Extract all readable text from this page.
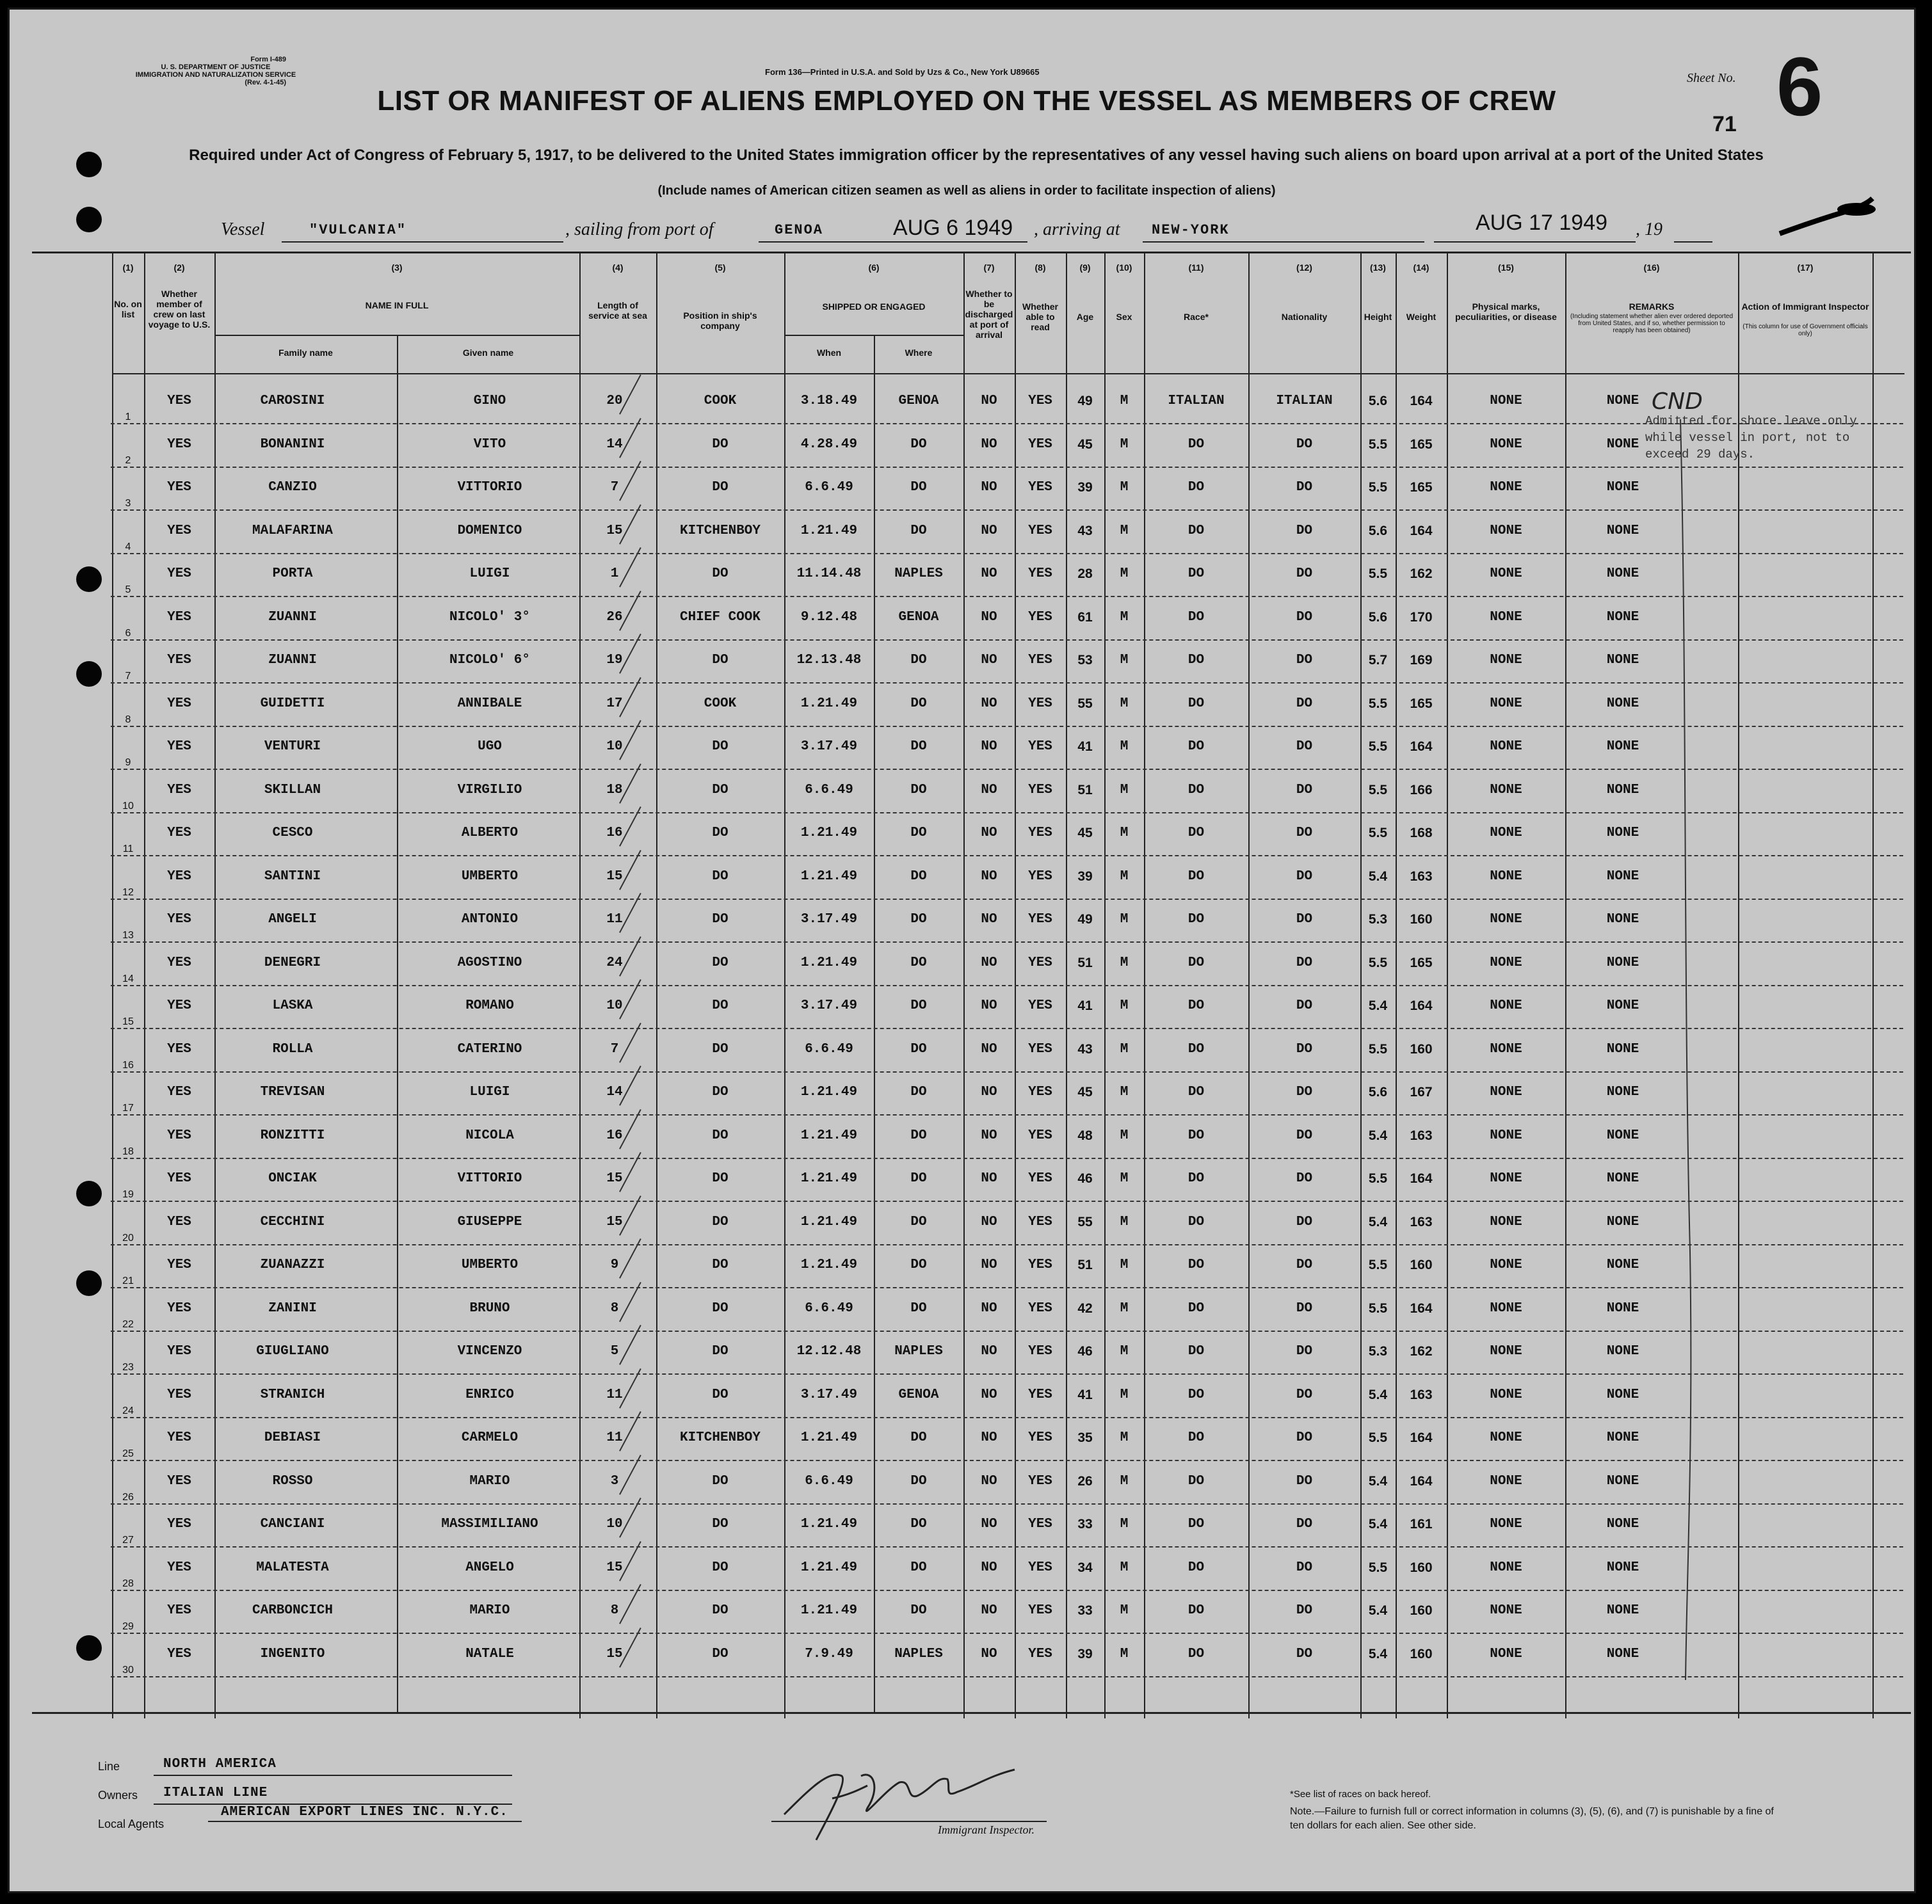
Form I-489
U. S. DEPARTMENT OF JUSTICE
IMMIGRATION AND NATURALIZATION SERVICE
(Rev. 4-1-45)
Form 136—Printed in U.S.A. and Sold by Uzs & Co., New York U89665
LIST OR MANIFEST OF ALIENS EMPLOYED ON THE VESSEL AS MEMBERS OF CREW
Required under Act of Congress of February 5, 1917, to be delivered to the United States immigration officer by the representatives of any vessel having such aliens on board upon arrival at a port of the United States
(Include names of American citizen seamen as well as aliens in order to facilitate inspection of aliens)
Sheet No. 6
71
Vessel	"VULCANIA"	, sailing from port of	GENOA	AUG 6 1949 , arriving at NEW-YORK	AUG 17 1949 , 19
(1)	(2)	(3)	(4)	(5)	(6)	(7)	(8)	(9)	(10)	(11)	(12)	(13)	(14)	(15)	(16)	(17)
No. on list
Whether member of crew on last voyage to U.S.
NAME IN FULL
Family name	Given name
Length of service at sea	Position in ship's company
SHIPPED OR ENGAGED
When	Where
Whether to be discharged at port of arrival
Whether able to read
Age	Sex	Race*	Nationality	Height	Weight
Physical marks, peculiarities, or disease
REMARKS
(Including statement whether alien ever ordered deported from United States, and if so, whether permission to reapply has been obtained)
Action of Immigrant Inspector
(This column for use of Government officials only)
1
YES	CAROSINI	GINO	20	COOK	3.18.49	GENOA	NO	YES	49	M	ITALIAN	ITALIAN	5.6	164	NONE	NONE
2
YES	BONANINI	VITO	14	DO	4.28.49	DO	NO	YES	45	M	DO	DO	5.5	165	NONE	NONE
3
YES	CANZIO	VITTORIO	7	DO	6.6.49	DO	NO	YES	39	M	DO	DO	5.5	165	NONE	NONE
4
YES	MALAFARINA	DOMENICO	15	KITCHENBOY	1.21.49	DO	NO	YES	43	M	DO	DO	5.6	164	NONE	NONE
5
YES	PORTA	LUIGI	1	DO	11.14.48	NAPLES	NO	YES	28	M	DO	DO	5.5	162	NONE	NONE
6
YES	ZUANNI	NICOLO' 3°	26	CHIEF COOK	9.12.48	GENOA	NO	YES	61	M	DO	DO	5.6	170	NONE	NONE
7
YES	ZUANNI	NICOLO' 6°	19	DO	12.13.48	DO	NO	YES	53	M	DO	DO	5.7	169	NONE	NONE
8
YES	GUIDETTI	ANNIBALE	17	COOK	1.21.49	DO	NO	YES	55	M	DO	DO	5.5	165	NONE	NONE
9
YES	VENTURI	UGO	10	DO	3.17.49	DO	NO	YES	41	M	DO	DO	5.5	164	NONE	NONE
10
YES	SKILLAN	VIRGILIO	18	DO	6.6.49	DO	NO	YES	51	M	DO	DO	5.5	166	NONE	NONE
11
YES	CESCO	ALBERTO	16	DO	1.21.49	DO	NO	YES	45	M	DO	DO	5.5	168	NONE	NONE
12
YES	SANTINI	UMBERTO	15	DO	1.21.49	DO	NO	YES	39	M	DO	DO	5.4	163	NONE	NONE
13
YES	ANGELI	ANTONIO	11	DO	3.17.49	DO	NO	YES	49	M	DO	DO	5.3	160	NONE	NONE
14
YES	DENEGRI	AGOSTINO	24	DO	1.21.49	DO	NO	YES	51	M	DO	DO	5.5	165	NONE	NONE
15
YES	LASKA	ROMANO	10	DO	3.17.49	DO	NO	YES	41	M	DO	DO	5.4	164	NONE	NONE
16
YES	ROLLA	CATERINO	7	DO	6.6.49	DO	NO	YES	43	M	DO	DO	5.5	160	NONE	NONE
17
YES	TREVISAN	LUIGI	14	DO	1.21.49	DO	NO	YES	45	M	DO	DO	5.6	167	NONE	NONE
18
YES	RONZITTI	NICOLA	16	DO	1.21.49	DO	NO	YES	48	M	DO	DO	5.4	163	NONE	NONE
19
YES	ONCIAK	VITTORIO	15	DO	1.21.49	DO	NO	YES	46	M	DO	DO	5.5	164	NONE	NONE
20
YES	CECCHINI	GIUSEPPE	15	DO	1.21.49	DO	NO	YES	55	M	DO	DO	5.4	163	NONE	NONE
21
YES	ZUANAZZI	UMBERTO	9	DO	1.21.49	DO	NO	YES	51	M	DO	DO	5.5	160	NONE	NONE
22
YES	ZANINI	BRUNO	8	DO	6.6.49	DO	NO	YES	42	M	DO	DO	5.5	164	NONE	NONE
23
YES	GIUGLIANO	VINCENZO	5	DO	12.12.48	NAPLES	NO	YES	46	M	DO	DO	5.3	162	NONE	NONE
24
YES	STRANICH	ENRICO	11	DO	3.17.49	GENOA	NO	YES	41	M	DO	DO	5.4	163	NONE	NONE
25
YES	DEBIASI	CARMELO	11	KITCHENBOY	1.21.49	DO	NO	YES	35	M	DO	DO	5.5	164	NONE	NONE
26
YES	ROSSO	MARIO	3	DO	6.6.49	DO	NO	YES	26	M	DO	DO	5.4	164	NONE	NONE
27
YES	CANCIANI	MASSIMILIANO	10	DO	1.21.49	DO	NO	YES	33	M	DO	DO	5.4	161	NONE	NONE
28
YES	MALATESTA	ANGELO	15	DO	1.21.49	DO	NO	YES	34	M	DO	DO	5.5	160	NONE	NONE
29
YES	CARBONCICH	MARIO	8	DO	1.21.49	DO	NO	YES	33	M	DO	DO	5.4	160	NONE	NONE
30
YES	INGENITO	NATALE	15	DO	7.9.49	NAPLES	NO	YES	39	M	DO	DO	5.4	160	NONE	NONE
CND
Admitted for shore leave only
while vessel in port, not to
exceed 29 days.
Line	NORTH AMERICA
Owners ITALIAN LINE
Local Agents
AMERICAN EXPORT LINES INC. N.Y.C.
Immigrant Inspector.
*See list of races on back hereof.
Note.—Failure to furnish full or correct information in columns (3), (5), (6), and (7) is punishable by a fine of ten dollars for each alien. See other side.
